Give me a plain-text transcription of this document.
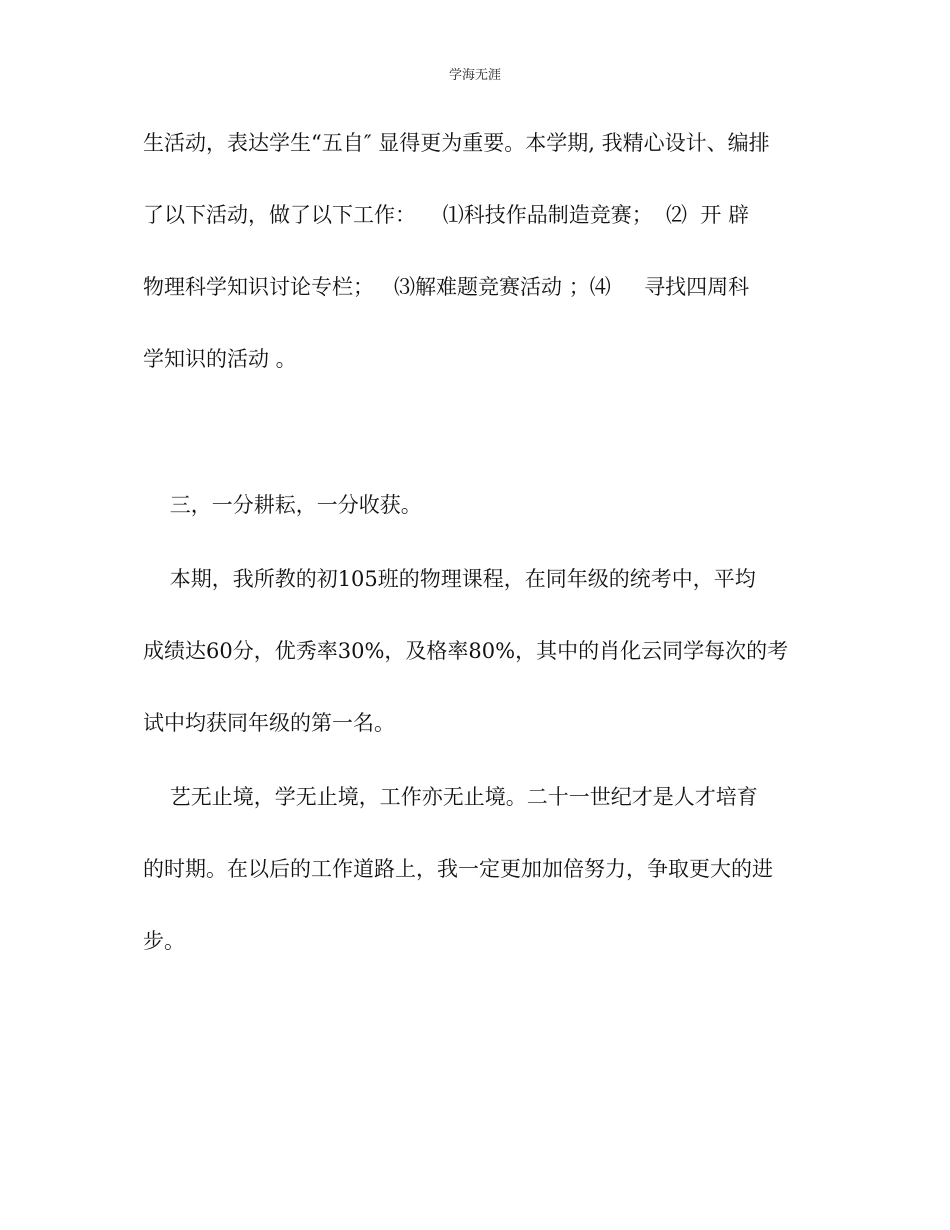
学海无涯
生活动，表达学生“五自″ 显得更为重要。本学期, 我精心设计、编排
了以下活动，做了以下工作：    ⑴科技作品制造竞赛；  ⑵  开 辟
物理科学知识讨论专栏；   ⑶解难题竞赛活动 ；⑷     寻找四周科
学知识的活动 。
三，一分耕耘，一分收获。
本期，我所教的初105班的物理课程，在同年级的统考中，平均
成绩达60分，优秀率30%，及格率80%，其中的肖化云同学每次的考
试中均获同年级的第一名。
艺无止境，学无止境，工作亦无止境。二十一世纪才是人才培育
的时期。在以后的工作道路上，我一定更加加倍努力，争取更大的进
步。
